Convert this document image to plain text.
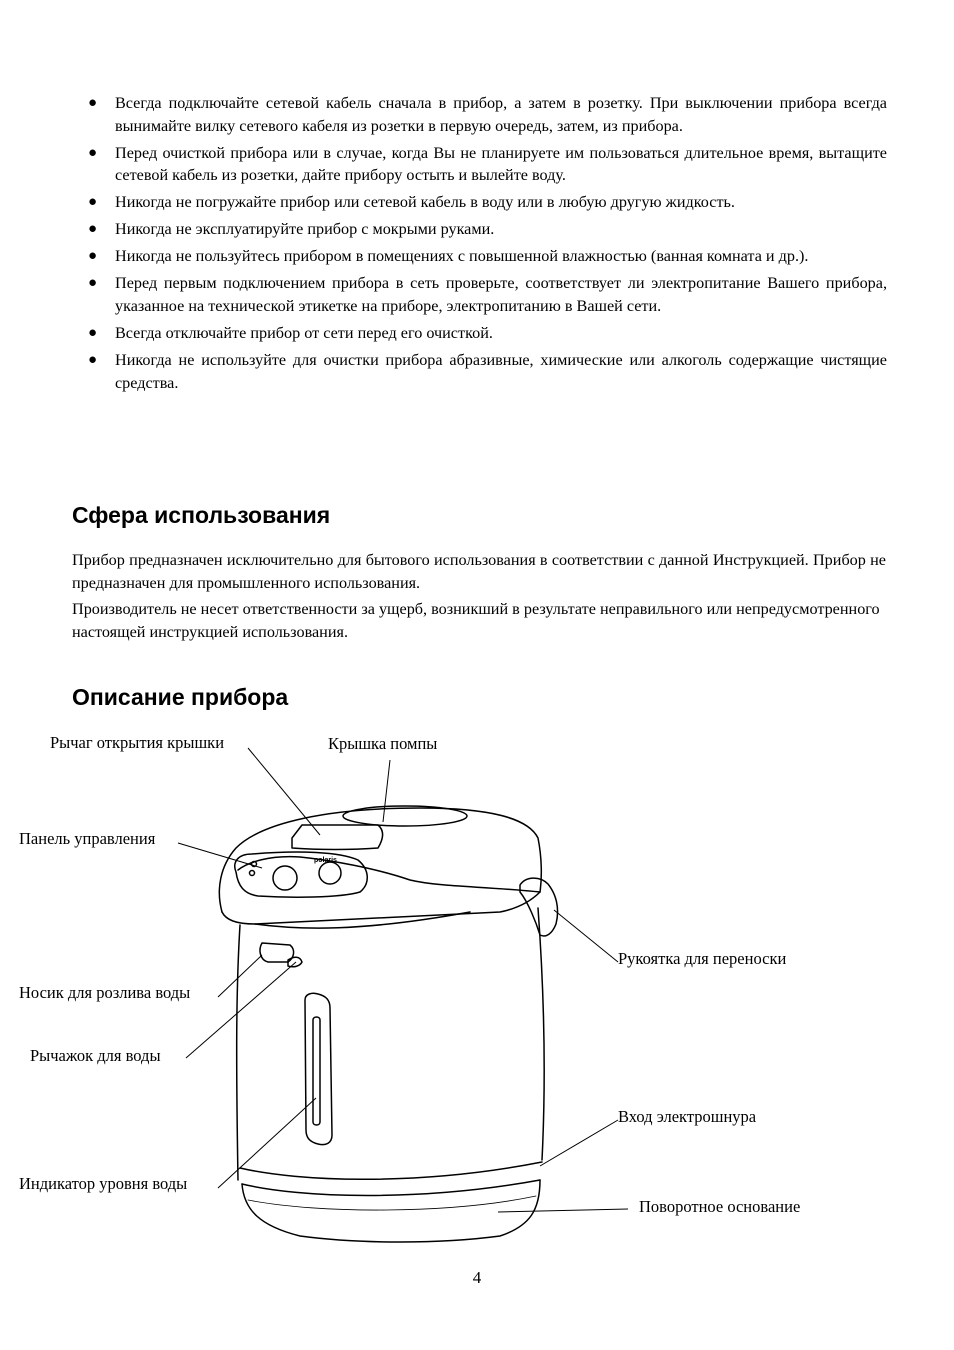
● Всегда подключайте сетевой кабель сначала в прибор, а затем в розетку. При выключении прибора всегда вынимайте вилку сетевого кабеля из розетки в первую очередь, затем, из прибора.
● Перед очисткой прибора или в случае, когда Вы не планируете им пользоваться длительное время, вытащите сетевой кабель из розетки, дайте прибору остыть и вылейте воду.
● Никогда не погружайте прибор или сетевой кабель в воду или в любую другую жидкость.
● Никогда не эксплуатируйте прибор с мокрыми руками.
● Никогда не пользуйтесь прибором в помещениях с повышенной влажностью (ванная комната и др.).
● Перед первым подключением прибора в сеть проверьте, соответствует ли электропитание Вашего прибора, указанное на технической этикетке на приборе, электропитанию в Вашей сети.
● Всегда отключайте прибор от сети перед его очисткой.
● Никогда не используйте для очистки прибора абразивные, химические или алкоголь содержащие чистящие средства.
Сфера использования

Прибор предназначен исключительно для бытового использования в соответствии с данной Инструкцией. Прибор не предназначен для промышленного использования.

Производитель не несет ответственности за ущерб, возникший в результате неправильного или непредусмотренного настоящей инструкцией использования.

Описание прибора
polaris
Рычаг открытия крышки	Крышка помпы
Панель управления
Носик для розлива воды
Рычажок для воды
Индикатор уровня воды
Рукоятка для переноски
Вход электрошнура
Поворотное основание
4
